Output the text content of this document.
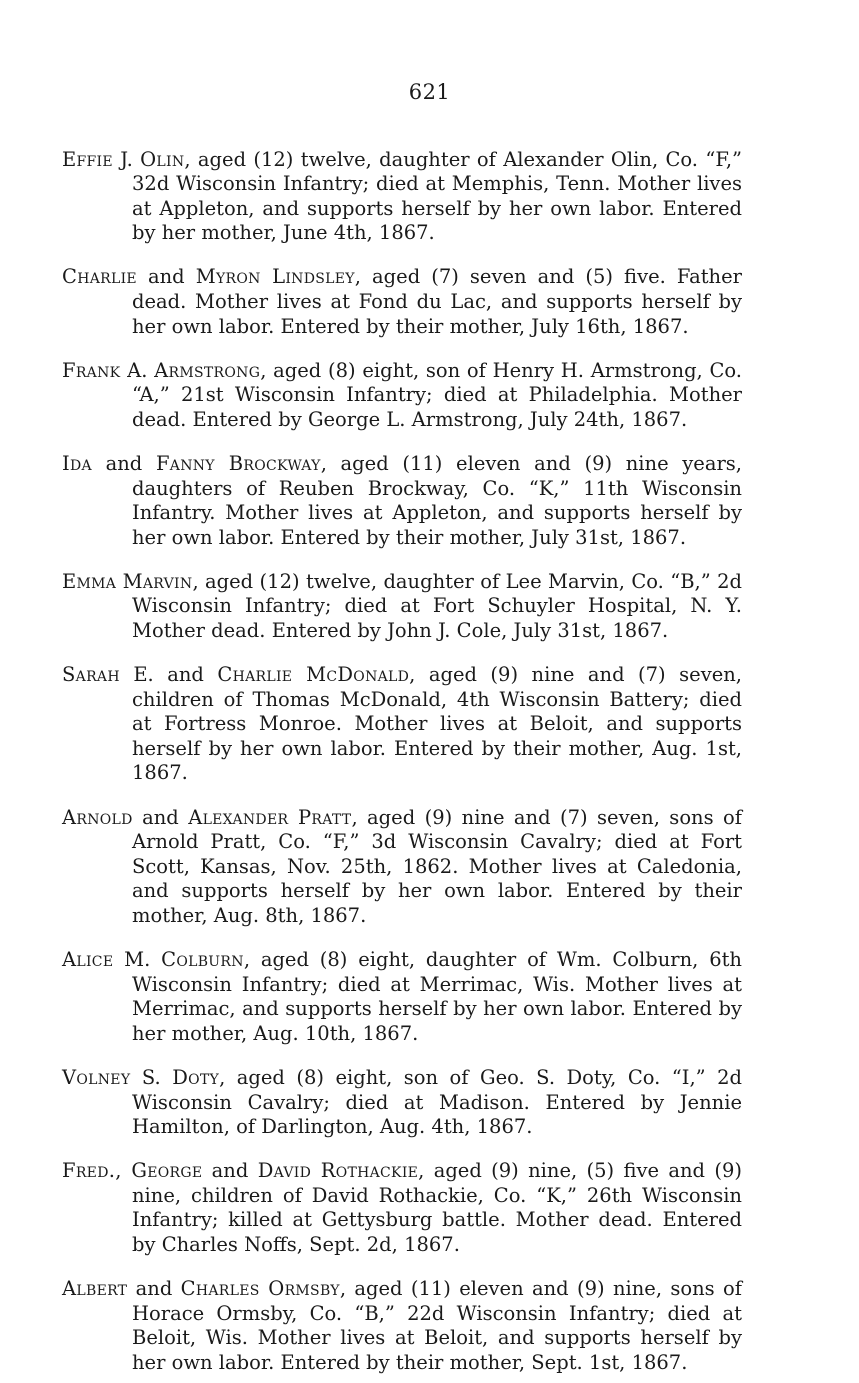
621

Effie J. Olin, aged (12) twelve, daughter of Alexander Olin, Co. “F,” 32d Wisconsin Infantry; died at Memphis, Tenn. Mother lives at Appleton, and supports herself by her own labor. Entered by her mother, June 4th, 1867.

Charlie and Myron Lindsley, aged (7) seven and (5) five. Father dead. Mother lives at Fond du Lac, and supports herself by her own labor. Entered by their mother, July 16th, 1867.

Frank A. Armstrong, aged (8) eight, son of Henry H. Armstrong, Co. “A,” 21st Wisconsin Infantry; died at Philadelphia. Mother dead. Entered by George L. Armstrong, July 24th, 1867.

Ida and Fanny Brockway, aged (11) eleven and (9) nine years, daughters of Reuben Brockway, Co. “K,” 11th Wisconsin Infantry. Mother lives at Appleton, and supports herself by her own labor. Entered by their mother, July 31st, 1867.

Emma Marvin, aged (12) twelve, daughter of Lee Marvin, Co. “B,” 2d Wisconsin Infantry; died at Fort Schuyler Hospital, N. Y. Mother dead. Entered by John J. Cole, July 31st, 1867.

Sarah E. and Charlie McDonald, aged (9) nine and (7) seven, children of Thomas McDonald, 4th Wisconsin Battery; died at Fortress Monroe. Mother lives at Beloit, and supports herself by her own labor. Entered by their mother, Aug. 1st, 1867.

Arnold and Alexander Pratt, aged (9) nine and (7) seven, sons of Arnold Pratt, Co. “F,” 3d Wisconsin Cavalry; died at Fort Scott, Kansas, Nov. 25th, 1862. Mother lives at Caledonia, and supports herself by her own labor. Entered by their mother, Aug. 8th, 1867.

Alice M. Colburn, aged (8) eight, daughter of Wm. Colburn, 6th Wisconsin Infantry; died at Merrimac, Wis. Mother lives at Merrimac, and supports herself by her own labor. Entered by her mother, Aug. 10th, 1867.

Volney S. Doty, aged (8) eight, son of Geo. S. Doty, Co. “I,” 2d Wisconsin Cavalry; died at Madison. Entered by Jennie Hamilton, of Darlington, Aug. 4th, 1867.

Fred., George and David Rothackie, aged (9) nine, (5) five and (9) nine, children of David Rothackie, Co. “K,” 26th Wisconsin Infantry; killed at Gettysburg battle. Mother dead. Entered by Charles Noffs, Sept. 2d, 1867.

Albert and Charles Ormsby, aged (11) eleven and (9) nine, sons of Horace Ormsby, Co. “B,” 22d Wisconsin Infantry; died at Beloit, Wis. Mother lives at Beloit, and supports herself by her own labor. Entered by their mother, Sept. 1st, 1867.
